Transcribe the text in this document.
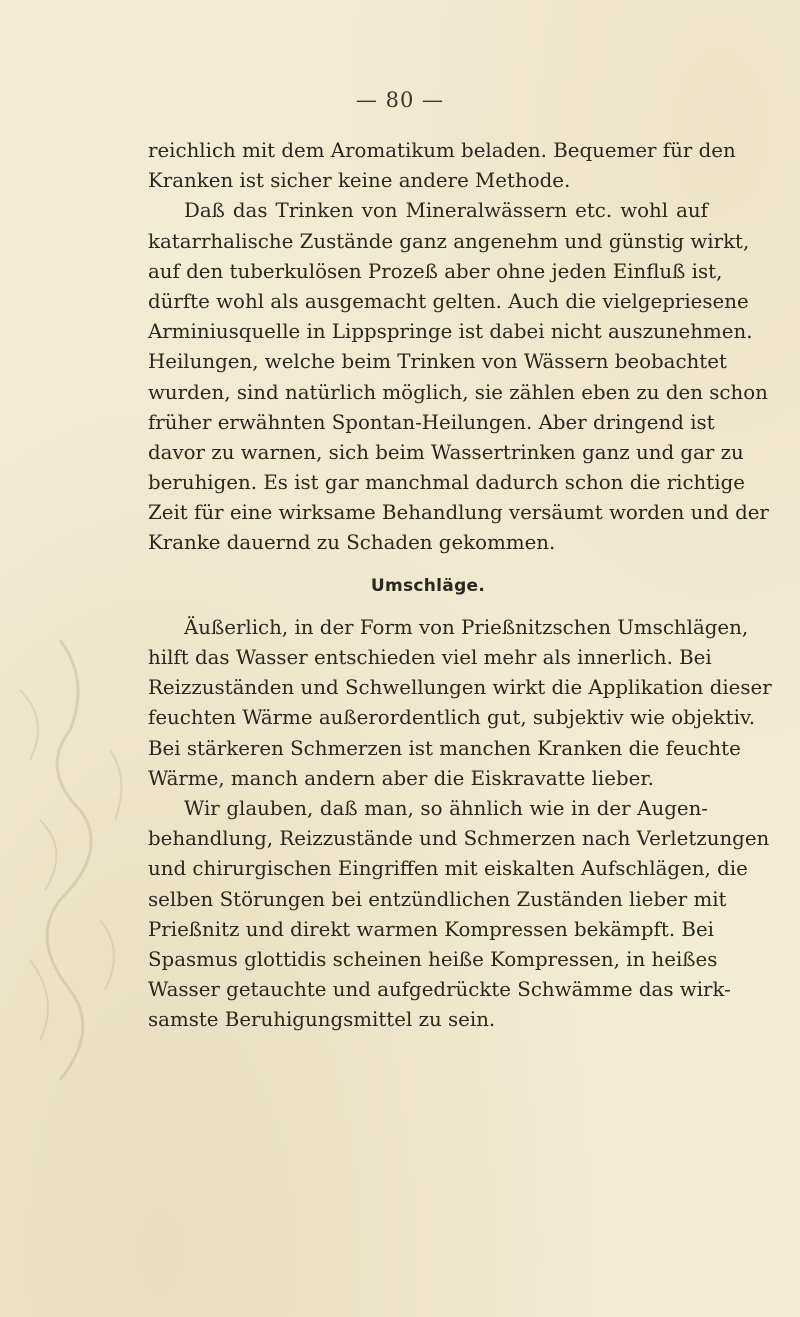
— 80 —
reichlich mit dem Aromatikum beladen. Bequemer für den
Kranken ist sicher keine andere Methode.
Daß das Trinken von Mineralwässern etc. wohl auf
katarrhalische Zustände ganz angenehm und günstig wirkt,
auf den tuberkulösen Prozeß aber ohne jeden Einfluß ist,
dürfte wohl als ausgemacht gelten. Auch die vielgepriesene
Arminiusquelle in Lippspringe ist dabei nicht auszunehmen.
Heilungen, welche beim Trinken von Wässern beobachtet
wurden, sind natürlich möglich, sie zählen eben zu den schon
früher erwähnten Spontan-Heilungen. Aber dringend ist
davor zu warnen, sich beim Wassertrinken ganz und gar zu
beruhigen. Es ist gar manchmal dadurch schon die richtige
Zeit für eine wirksame Behandlung versäumt worden und der
Kranke dauernd zu Schaden gekommen.
Umschläge.
Äußerlich, in der Form von Prießnitzschen Umschlägen,
hilft das Wasser entschieden viel mehr als innerlich. Bei
Reizzuständen und Schwellungen wirkt die Applikation dieser
feuchten Wärme außerordentlich gut, subjektiv wie objektiv.
Bei stärkeren Schmerzen ist manchen Kranken die feuchte
Wärme, manch andern aber die Eiskravatte lieber.
Wir glauben, daß man, so ähnlich wie in der Augen-
behandlung, Reizzustände und Schmerzen nach Verletzungen
und chirurgischen Eingriffen mit eiskalten Aufschlägen, die
selben Störungen bei entzündlichen Zuständen lieber mit
Prießnitz und direkt warmen Kompressen bekämpft. Bei
Spasmus glottidis scheinen heiße Kompressen, in heißes
Wasser getauchte und aufgedrückte Schwämme das wirk-
samste Beruhigungsmittel zu sein.
